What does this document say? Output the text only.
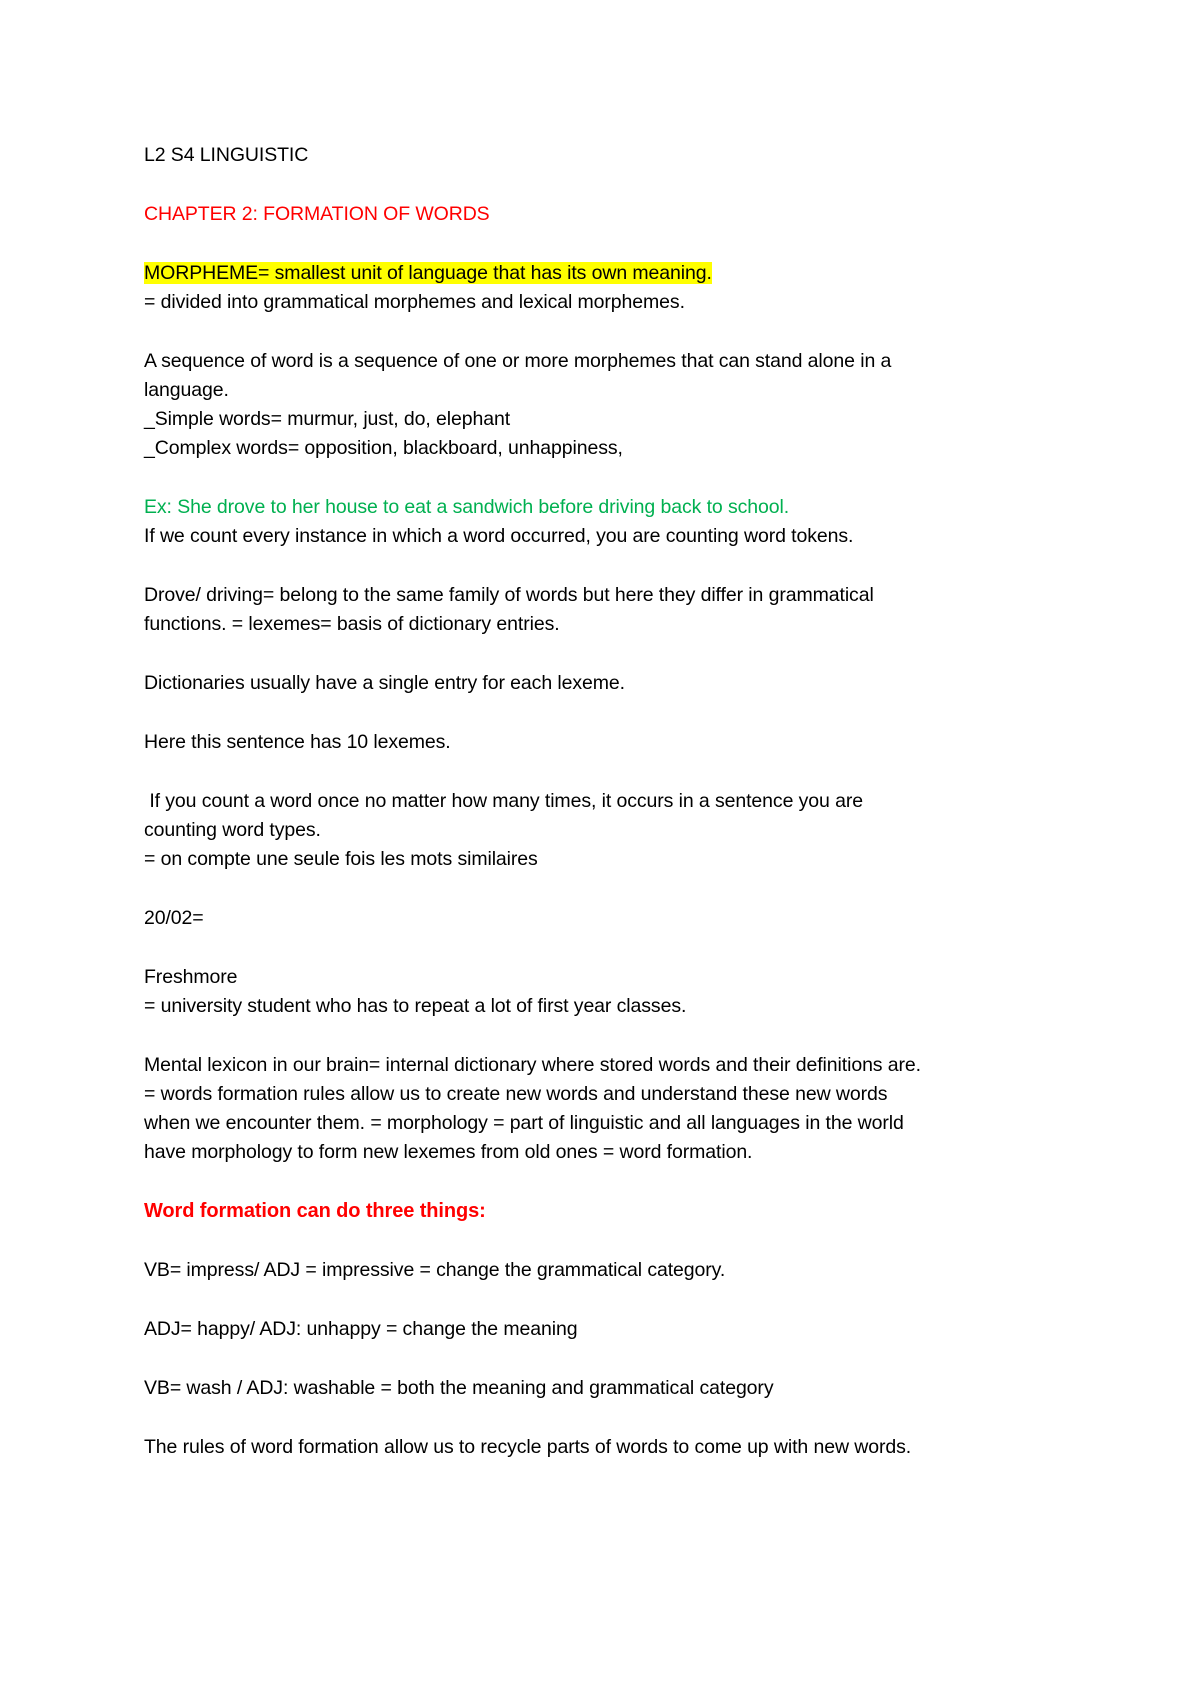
L2 S4 LINGUISTIC
CHAPTER 2: FORMATION OF WORDS
MORPHEME= smallest unit of language that has its own meaning.
= divided into grammatical morphemes and lexical morphemes.
A sequence of word is a sequence of one or more morphemes that can stand alone in a
language.
_Simple words= murmur, just, do, elephant
_Complex words= opposition, blackboard, unhappiness,
Ex: She drove to her house to eat a sandwich before driving back to school.
If we count every instance in which a word occurred, you are counting word tokens.
Drove/ driving= belong to the same family of words but here they differ in grammatical
functions. = lexemes= basis of dictionary entries.
Dictionaries usually have a single entry for each lexeme.
Here this sentence has 10 lexemes.
If you count a word once no matter how many times, it occurs in a sentence you are
counting word types.
= on compte une seule fois les mots similaires
20/02=
Freshmore
= university student who has to repeat a lot of first year classes.
Mental lexicon in our brain= internal dictionary where stored words and their definitions are.
= words formation rules allow us to create new words and understand these new words
when we encounter them. = morphology = part of linguistic and all languages in the world
have morphology to form new lexemes from old ones = word formation.
Word formation can do three things:
VB= impress/ ADJ = impressive = change the grammatical category.
ADJ= happy/ ADJ: unhappy = change the meaning
VB= wash / ADJ: washable = both the meaning and grammatical category
The rules of word formation allow us to recycle parts of words to come up with new words.
